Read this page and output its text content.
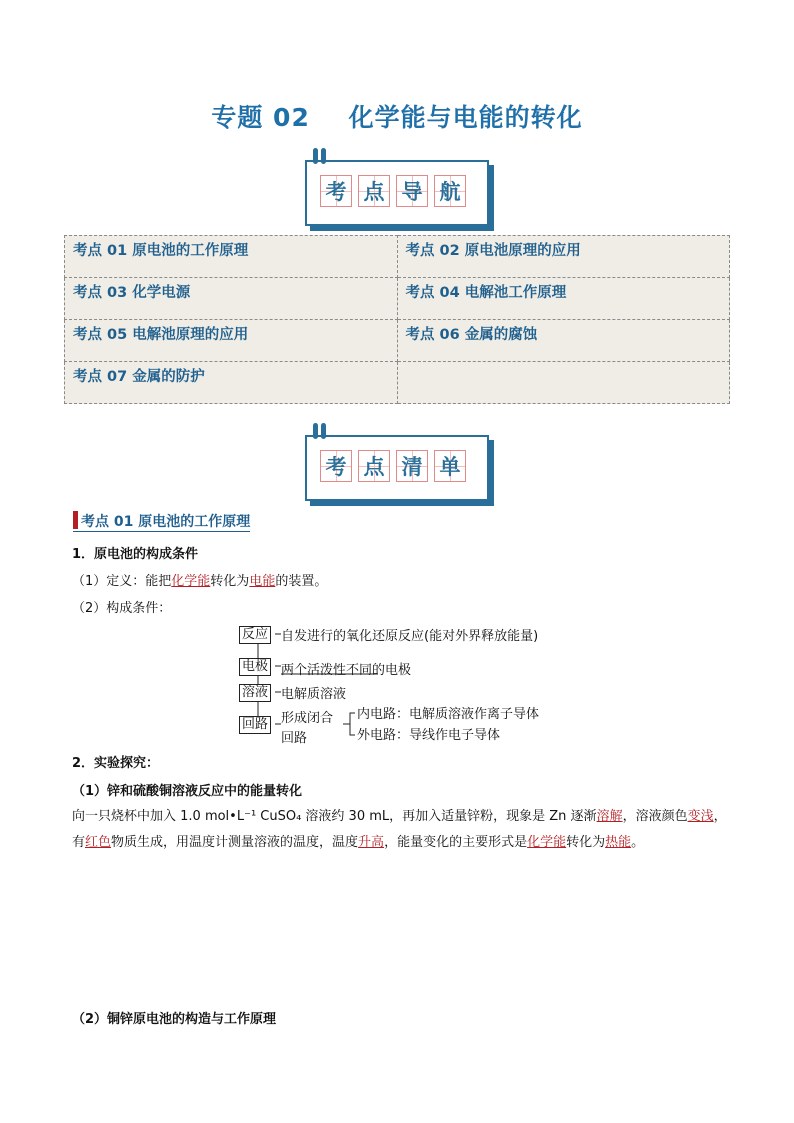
专题 02    化学能与电能的转化
考 点 导 航
考点 01 原电池的工作原理	考点 02 原电池原理的应用
考点 03 化学电源	考点 04 电解池工作原理
考点 05 电解池原理的应用	考点 06 金属的腐蚀
考点 07 金属的防护	
考 点 清 单
考点 01 原电池的工作原理
1．原电池的构成条件
（1）定义：能把化学能转化为电能的装置。
（2）构成条件：
反应 自发进行的氧化还原反应(能对外界释放能量)
电极 两个活泼性不同的电极
溶液 电解质溶液
回路 形成闭合
回路
内电路：电解质溶液作离子导体
外电路：导线作电子导体
2．实验探究：
（1）锌和硫酸铜溶液反应中的能量转化
向一只烧杯中加入 1.0 mol•L⁻¹ CuSO₄ 溶液约 30 mL，再加入适量锌粉，现象是 Zn 逐渐溶解，溶液颜色变浅，有红色物质生成，用温度计测量溶液的温度，温度升高，能量变化的主要形式是化学能转化为热能。
（2）铜锌原电池的构造与工作原理
